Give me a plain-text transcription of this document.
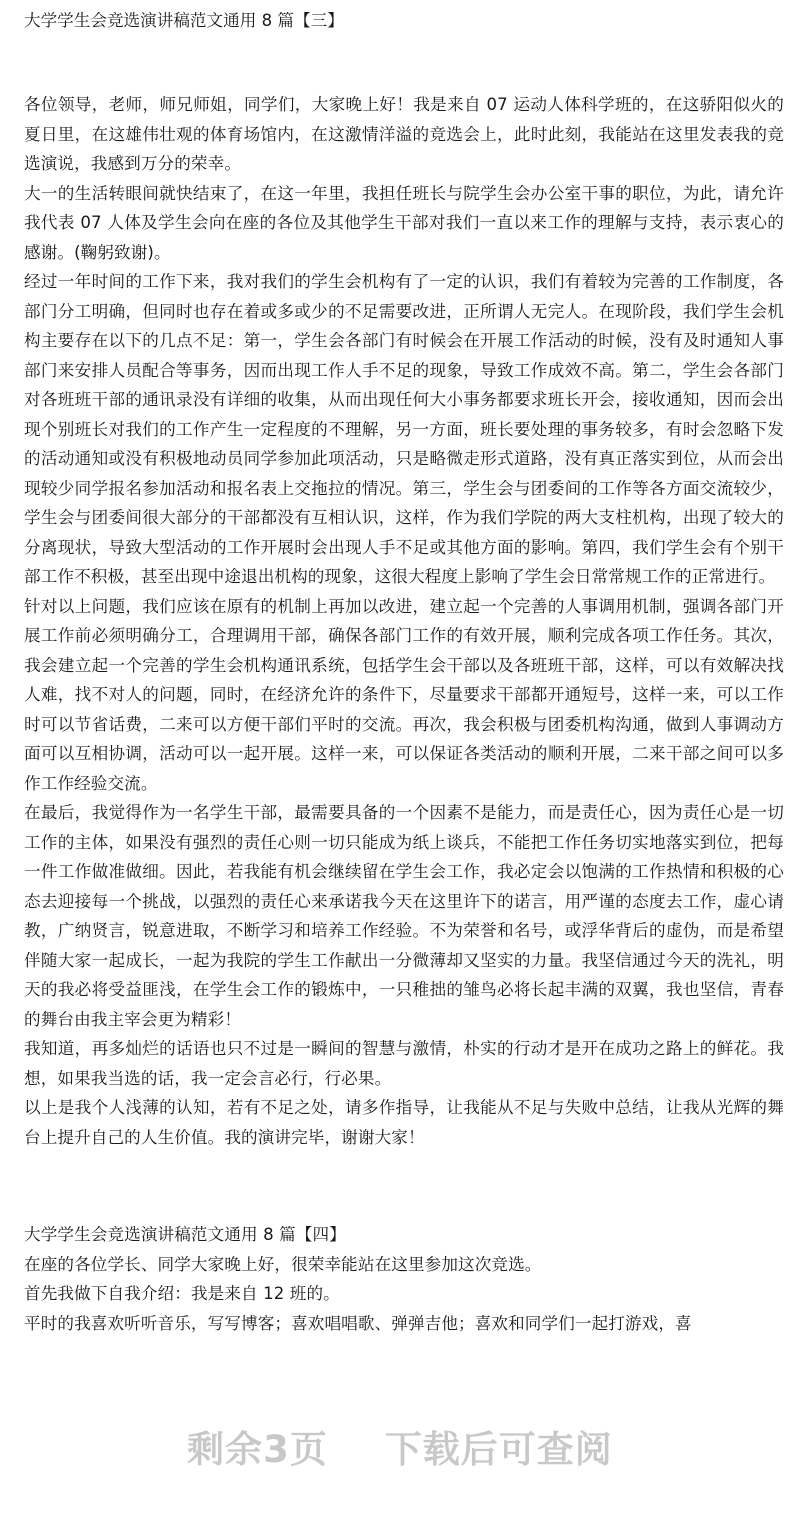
大学学生会竞选演讲稿范文通用 8 篇【三】

各位领导，老师，师兄师姐，同学们，大家晚上好！我是来自 07 运动人体科学班的，在这骄阳似火的夏日里，在这雄伟壮观的体育场馆内，在这激情洋溢的竞选会上，此时此刻，我能站在这里发表我的竞选演说，我感到万分的荣幸。

大一的生活转眼间就快结束了，在这一年里，我担任班长与院学生会办公室干事的职位，为此，请允许我代表 07 人体及学生会向在座的各位及其他学生干部对我们一直以来工作的理解与支持，表示衷心的感谢。(鞠躬致谢)。

经过一年时间的工作下来，我对我们的学生会机构有了一定的认识，我们有着较为完善的工作制度，各部门分工明确，但同时也存在着或多或少的不足需要改进，正所谓人无完人。在现阶段，我们学生会机构主要存在以下的几点不足：第一，学生会各部门有时候会在开展工作活动的时候，没有及时通知人事部门来安排人员配合等事务，因而出现工作人手不足的现象，导致工作成效不高。第二，学生会各部门对各班班干部的通讯录没有详细的收集，从而出现任何大小事务都要求班长开会，接收通知，因而会出现个别班长对我们的工作产生一定程度的不理解，另一方面，班长要处理的事务较多，有时会忽略下发的活动通知或没有积极地动员同学参加此项活动，只是略微走形式道路，没有真正落实到位，从而会出现较少同学报名参加活动和报名表上交拖拉的情况。第三，学生会与团委间的工作等各方面交流较少，学生会与团委间很大部分的干部都没有互相认识，这样，作为我们学院的两大支柱机构，出现了较大的分离现状，导致大型活动的工作开展时会出现人手不足或其他方面的影响。第四，我们学生会有个别干部工作不积极，甚至出现中途退出机构的现象，这很大程度上影响了学生会日常常规工作的正常进行。

针对以上问题，我们应该在原有的机制上再加以改进，建立起一个完善的人事调用机制，强调各部门开展工作前必须明确分工，合理调用干部，确保各部门工作的有效开展，顺利完成各项工作任务。其次，我会建立起一个完善的学生会机构通讯系统，包括学生会干部以及各班班干部，这样，可以有效解决找人难，找不对人的问题，同时，在经济允许的条件下，尽量要求干部都开通短号，这样一来，可以工作时可以节省话费，二来可以方便干部们平时的交流。再次，我会积极与团委机构沟通，做到人事调动方面可以互相协调，活动可以一起开展。这样一来，可以保证各类活动的顺利开展，二来干部之间可以多作工作经验交流。

在最后，我觉得作为一名学生干部，最需要具备的一个因素不是能力，而是责任心，因为责任心是一切工作的主体，如果没有强烈的责任心则一切只能成为纸上谈兵，不能把工作任务切实地落实到位，把每一件工作做准做细。因此，若我能有机会继续留在学生会工作，我必定会以饱满的工作热情和积极的心态去迎接每一个挑战，以强烈的责任心来承诺我今天在这里许下的诺言，用严谨的态度去工作，虚心请教，广纳贤言，锐意进取，不断学习和培养工作经验。不为荣誉和名号，或浮华背后的虚伪，而是希望伴随大家一起成长，一起为我院的学生工作献出一分微薄却又坚实的力量。我坚信通过今天的洗礼，明天的我必将受益匪浅，在学生会工作的锻炼中，一只稚拙的雏鸟必将长起丰满的双翼，我也坚信，青春的舞台由我主宰会更为精彩！

我知道，再多灿烂的话语也只不过是一瞬间的智慧与激情，朴实的行动才是开在成功之路上的鲜花。我想，如果我当选的话，我一定会言必行，行必果。

以上是我个人浅薄的认知，若有不足之处，请多作指导，让我能从不足与失败中总结，让我从光辉的舞台上提升自己的人生价值。我的演讲完毕，谢谢大家！

大学学生会竞选演讲稿范文通用 8 篇【四】

在座的各位学长、同学大家晚上好，很荣幸能站在这里参加这次竞选。

首先我做下自我介绍：我是来自 12 班的。

平时的我喜欢听听音乐，写写博客；喜欢唱唱歌、弹弹吉他；喜欢和同学们一起打游戏，喜

剩余3页 下载后可查阅
